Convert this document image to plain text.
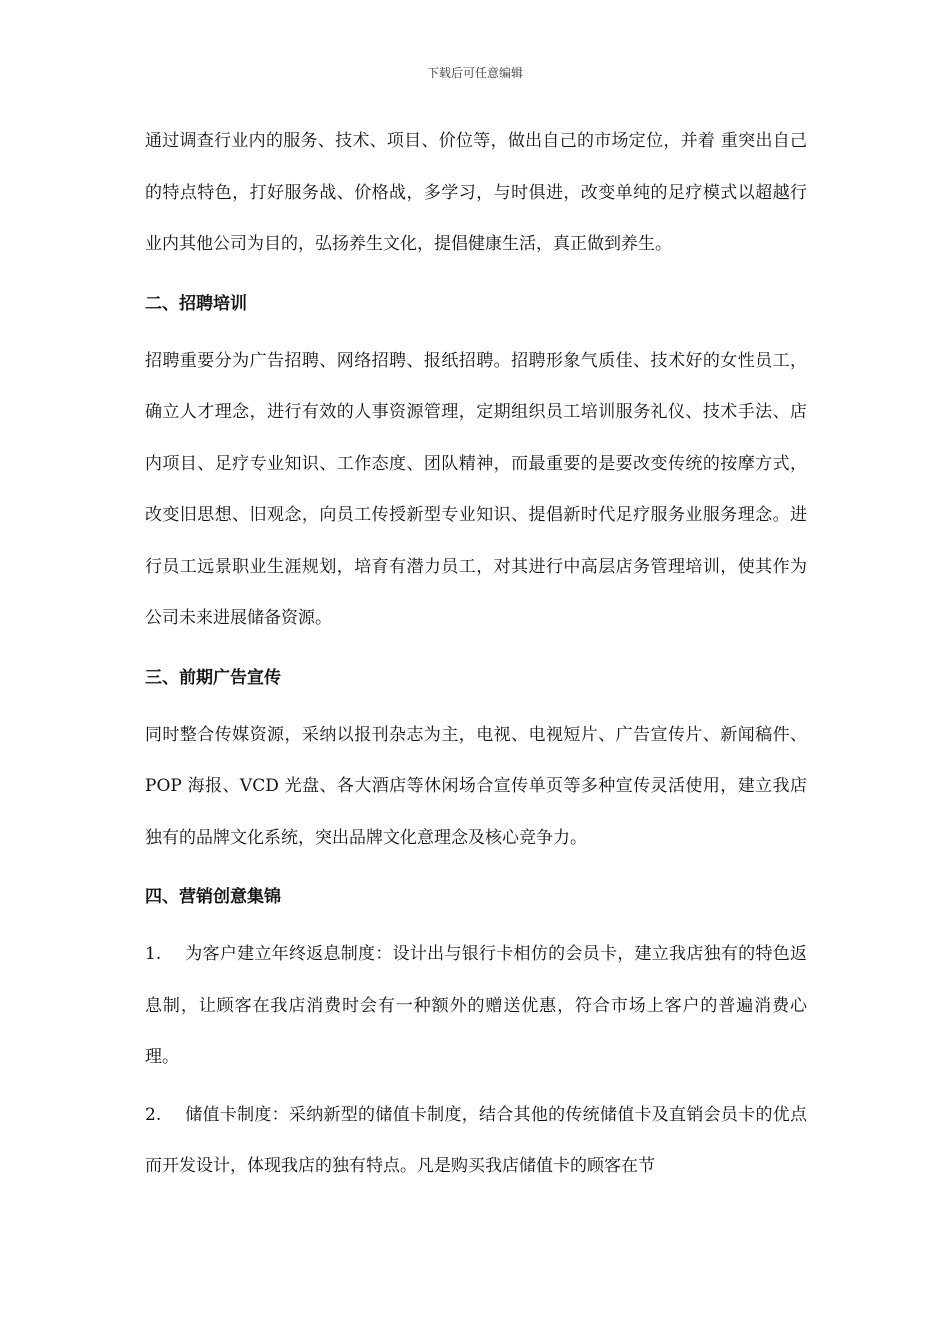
下载后可任意编辑

通过调查行业内的服务、技术、项目、价位等，做出自己的市场定位，并着 重突出自己的特点特色，打好服务战、价格战，多学习，与时俱进，改变单纯的足疗模式以超越行业内其他公司为目的，弘扬养生文化，提倡健康生活，真正做到养生。

二、招聘培训

招聘重要分为广告招聘、网络招聘、报纸招聘。招聘形象气质佳、技术好的女性员工，确立人才理念，进行有效的人事资源管理，定期组织员工培训服务礼仪、技术手法、店内项目、足疗专业知识、工作态度、团队精神，而最重要的是要改变传统的按摩方式，改变旧思想、旧观念，向员工传授新型专业知识、提倡新时代足疗服务业服务理念。进行员工远景职业生涯规划，培育有潜力员工，对其进行中高层店务管理培训，使其作为公司未来进展储备资源。

三、前期广告宣传

同时整合传媒资源，采纳以报刊杂志为主，电视、电视短片、广告宣传片、新闻稿件、POP 海报、VCD 光盘、各大酒店等休闲场合宣传单页等多种宣传灵活使用，建立我店独有的品牌文化系统，突出品牌文化意理念及核心竞争力。

四、营销创意集锦

1. 为客户建立年终返息制度：设计出与银行卡相仿的会员卡，建立我店独有的特色返息制，让顾客在我店消费时会有一种额外的赠送优惠，符合市场上客户的普遍消费心理。

2. 储值卡制度：采纳新型的储值卡制度，结合其他的传统储值卡及直销会员卡的优点而开发设计，体现我店的独有特点。凡是购买我店储值卡的顾客在节
